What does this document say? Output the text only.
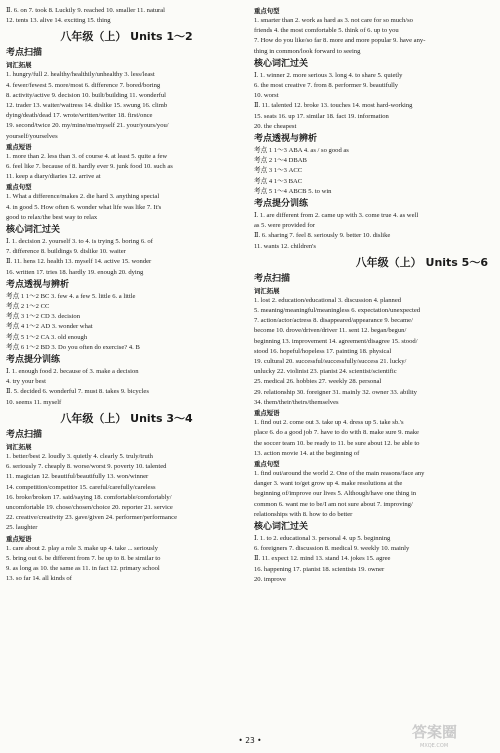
Ⅱ. 6. on 7. took 8. Luckily 9. reached 10. smaller 11. natural
12. tents 13. alive 14. exciting 15. thing
八年级（上） Units 1～2
考点扫描
词汇拓展
1. hungry/full 2. healthy/healthily/unhealthy 3. less/least
4. fewer/fewest 5. more/most 6. difference 7. bored/boring
8. activity/active 9. decision 10. built/building 11. wonderful
12. trader 13. waiter/waitress 14. dislike 15. swung 16. climb
dying/death/dead 17. wrote/written/writer 18. first/once
19. second/twice 20. my/mine/me/myself 21. your/yours/you/
yourself/yourselves
重点短语
1. more than 2. less than 3. of course 4. at least 5. quite a few
6. feel like 7. because of 8. hardly ever 9. junk food 10. such as
11. keep a diary/diaries 12. arrive at
重点句型
1. What a difference/makes 2. die hard 3. anything special
4. in good 5. How often 6. wonder what life was like 7. It's
good to relax/the best way to relax
核心词汇过关
Ⅰ. 1. decision 2. yourself 3. to 4. is trying 5. boring 6. of
7. difference 8. buildings 9. dislike 10. waiter
Ⅱ. 11. hens 12. health 13. myself 14. active 15. wonder
16. written 17. tries 18. hardly 19. enough 20. dying
考点透视与辨析
考点 1 1～2 BC 3. few 4. a few 5. little 6. a little
考点 2 1～2 CC
考点 3 1～2 CD 3. decision
考点 4 1～2 AD 3. wonder what
考点 5 1～2 CA 3. old enough
考点 6 1～2 BD 3. Do you often do exercise? 4. B
考点提分训练
Ⅰ. 1. enough food 2. because of 3. make a decision
4. try your best
Ⅱ. 5. decided 6. wonderful 7. must 8. takes 9. bicycles
10. seems 11. myself
八年级（上） Units 3～4
考点扫描
词汇拓展
1. better/best 2. loudly 3. quietly 4. clearly 5. truly/truth
6. seriously 7. cheaply 8. worse/worst 9. poverty 10. talented
11. magician 12. beautiful/beautifully 13. won/winner
14. competition/competitor 15. careful/carefully/careless
16. broke/broken 17. said/saying 18. comfortable/comfortably/
uncomfortable 19. chose/chosen/choice 20. reporter 21. service
22. creative/creativity 23. gave/given 24. performer/performance
25. laughter
重点短语
1. care about 2. play a role 3. make up 4. take ... seriously
5. bring out 6. be different from 7. be up to 8. be similar to
9. as long as 10. the same as 11. in fact 12. primary school
13. so far 14. all kinds of
重点句型
1. smarter than 2. work as hard as 3. not care for so much/so
friends 4. the most comfortable 5. think of 6. up to you
7. How do you like/so far 8. more and more popular 9. have any-
thing in common/look forward to seeing
核心词汇过关
Ⅰ. 1. winner 2. more serious 3. long 4. to share 5. quietly
6. the most creative 7. from 8. performer 9. beautifully
10. worst
Ⅱ. 11. talented 12. broke 13. touches 14. most hard-working
15. seats 16. up 17. similar 18. fact 19. information
20. the cheapest
考点透视与辨析
考点 1 1～3 ABA 4. as / so good as
考点 2 1～4 DBAB
考点 3 1～3 ACC
考点 4 1～3 BAC
考点 5 1～4 ABCB 5. to win
考点提分训练
Ⅰ. 1. are different from 2. came up with 3. come true 4. as well
as 5. were provided for
Ⅱ. 6. sharing 7. feel 8. seriously 9. better 10. dislike
11. wants 12. children's
八年级（上） Units 5～6
考点扫描
词汇拓展
1. lost 2. education/educational 3. discussion 4. planned
5. meaning/meaningful/meaningless 6. expectation/unexpected
7. action/actor/actress 8. disappeared/appearance 9. became/
become 10. drove/driven/driver 11. sent 12. began/begun/
beginning 13. improvement 14. agreement/disagree 15. stood/
stood 16. hopeful/hopeless 17. painting 18. physical
19. cultural 20. successful/successfully/success 21. lucky/
unlucky 22. violinist 23. pianist 24. scientist/scientific
25. medical 26. hobbies 27. weekly 28. personal
29. relationship 30. foreigner 31. mainly 32. owner 33. ability
34. them/their/theirs/themselves
重点短语
1. find out 2. come out 3. take up 4. dress up 5. take sb.'s
place 6. do a good job 7. have to do with 8. make sure 9. make
the soccer team 10. be ready to 11. be sure about 12. be able to
13. action movie 14. at the beginning of
重点句型
1. find out/around the world 2. One of the main reasons/face any
danger 3. want to/get grow up 4. make resolutions at the
beginning of/improve our lives 5. Although/have one thing in
common 6. want me to be/I am not sure about 7. improving/
relationships with 8. how to do better
核心词汇过关
Ⅰ. 1. to 2. educational 3. personal 4. up 5. beginning
6. foreigners 7. discussion 8. medical 9. weekly 10. mainly
Ⅱ. 11. expect 12. mind 13. stand 14. jokes 15. agree
16. happening 17. pianist 18. scientists 19. owner
20. improve
• 23 •	答案圈
MXQE.COM
